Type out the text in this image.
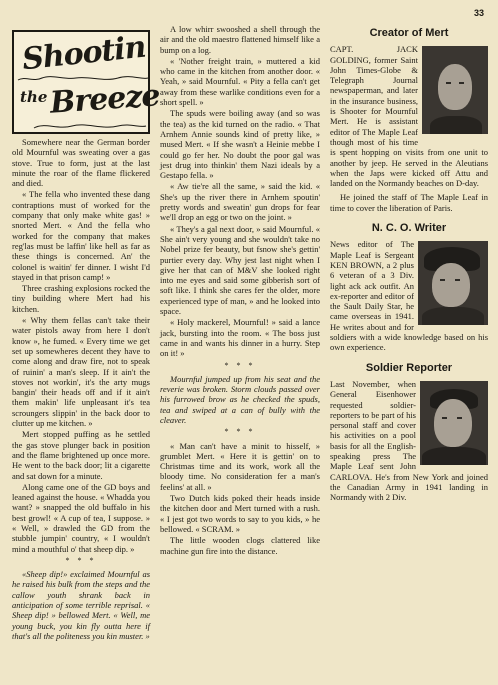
33
Shootin
the Breeze

Somewhere near the German border old Mournful was sweating over a gas stove. True to form, just at the last minute the roar of the flame flickered and died.

« The fella who invented these dang contraptions must of worked for the company that only make white gas! » snorted Mert. « And the fella who worked for the company that makes reg'las must be laffin' like hell as far as these things is concerned. An' the colonel is waitin' fer dinner. I wisht I'd stayed in that prison camp! »

Three crashing explosions rocked the tiny building where Mert had his kitchen.

« Why them fellas can't take their water pistols away from here I don't know », he fumed. « Every time we get set up somewheres decent they have to come along and draw fire, not to speak of ruinin' a man's sleep. If it ain't the stoves not workin', it's the arty mugs bangin' their heads off and if it ain't them makin' life unpleasant it's tea scroungers slippin' in the back door to clutter up me kitchen. »

Mert stopped puffing as he settled the gas stove plunger back in position and the flame brightened up once more. He went to the back door; lit a cigarette and sat down for a minute.

Along came one of the GD boys and leaned against the house. « Whadda you want? » snapped the old buffalo in his best growl! « A cup of tea, I suppose. » « Well, » drawled the GD from the stubble jumpin' country, « I wouldn't mind a mouthful o' that sheep dip. »

* * *

«Sheep dip!» exclaimed Mournful as he raised his bulk from the steps and the callow youth shrank back in anticipation of some terrible reprisal. « Sheep dip! » bellowed Mert. « Well, me young buck, you kin fly outta here if that's all the politeness you kin muster. »

A low whirr swooshed a shell through the air and the old maestro flattened himself like a bump on a log.

« 'Nother freight train, » muttered a kid who came in the kitchen from another door. « Yeah, » said Mournful. « Pity a fella can't get away from these warlike conditions even for a short spell. »

The spuds were boiling away (and so was the tea) as the kid turned on the radio. « That Arnhem Annie sounds kind of pretty like, » mused Mert. « If she wasn't a Heinie mebbe I could go fer her. No doubt the poor gal was jest drug into thinkin' them Nazi ideals by a Gestapo fella. »

« Aw tie're all the same, » said the kid. « She's up the river there in Arnhem spoutin' pretty words and sweatin' gun drops for fear we'll drop an egg or two on the joint. »

« They's a gal next door, » said Mournful. « She ain't very young and she wouldn't take no Nobel prize fer beauty, but fsnow she's gettin' purtier every day. Why jest last night when I give her that can of M&V she looked right into me eyes and said some gibberish sort of soft like. I think she cares fer the older, more experienced type of man, » and he looked into space.

« Holy mackerel, Mournful! » said a lance jack, bursting into the room. « The boss just came in and wants his dinner in a hurry. Step on it! »

* * *

Mournful jumped up from his seat and the reverie was broken. Storm clouds passed over his furrowed brow as he checked the spuds, tea and swiped at a can of bully with the cleaver.

* * *

« Man can't have a minit to hisself, » grumblet Mert. « Here it is gettin' on to Christmas time and its work, work all the bloody time. No consideration fer a man's feelins' at all. »

Two Dutch kids poked their heads inside the kitchen door and Mert turned with a rush. « I jest got two words to say to you kids, » he bellowed. « SCRAM. »

The little wooden clogs clattered like machine gun fire into the distance.

Creator of Mert

CAPT. JACK GOLDING, former Saint John Times-Globe & Telegraph Journal newspaperman, and later in the insurance business, is Shooter for Mournful Mert. He is assistant editor of The Maple Leaf though most of his time is spent hopping on visits from one unit to another by jeep. He served in the Aleutians when the Japs were kicked off Attu and landed on the Normandy beaches on D-day.

He joined the staff of The Maple Leaf in time to cover the liberation of Paris.

N. C. O. Writer

News editor of The Maple Leaf is Sergeant KEN BROWN, a 2 plus 6 veteran of a 3 Div. light ack ack outfit. An ex-reporter and editor of the Sault Daily Star, he came overseas in 1941. He writes about and for soldiers with a wide knowledge based on his own experience.

Soldier Reporter

Last November, when General Eisenhower requested soldier-reporters to be part of his personal staff and cover his activities on a pool basis for all the English-speaking press The Maple Leaf sent John CARLOVA. He's from New York and joined the Canadian Army in 1941 landing in Normandy with 2 Div.
